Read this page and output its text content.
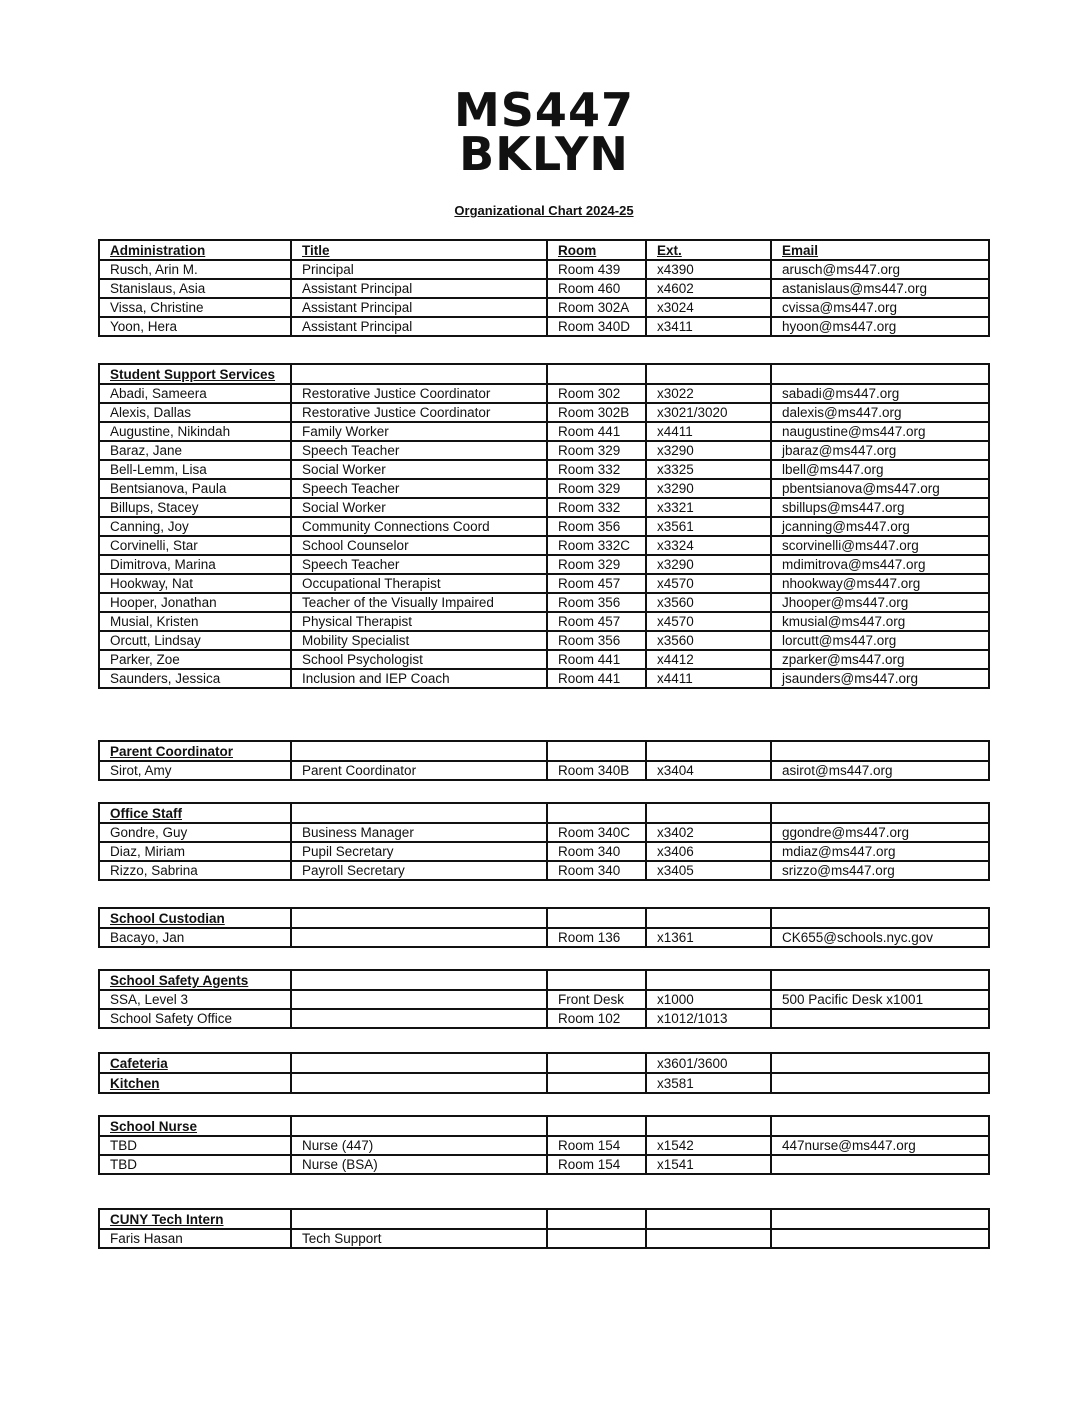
MS447
BKLYN
Organizational Chart 2024-25
Administration	Title	Room	Ext.	Email
Rusch, Arin M.	Principal	Room 439	x4390	arusch@ms447.org
Stanislaus, Asia	Assistant Principal	Room 460	x4602	astanislaus@ms447.org
Vissa, Christine	Assistant Principal	Room 302A	x3024	cvissa@ms447.org
Yoon, Hera	Assistant Principal	Room 340D	x3411	hyoon@ms447.org
Student Support Services				
Abadi, Sameera	Restorative Justice Coordinator	Room 302	x3022	sabadi@ms447.org
Alexis, Dallas	Restorative Justice Coordinator	Room 302B	x3021/3020	dalexis@ms447.org
Augustine, Nikindah	Family Worker	Room 441	x4411	naugustine@ms447.org
Baraz, Jane	Speech Teacher	Room 329	x3290	jbaraz@ms447.org
Bell-Lemm, Lisa	Social Worker	Room 332	x3325	lbell@ms447.org
Bentsianova, Paula	Speech Teacher	Room 329	x3290	pbentsianova@ms447.org
Billups, Stacey	Social Worker	Room 332	x3321	sbillups@ms447.org
Canning, Joy	Community Connections Coord	Room 356	x3561	jcanning@ms447.org
Corvinelli, Star	School Counselor	Room 332C	x3324	scorvinelli@ms447.org
Dimitrova, Marina	Speech Teacher	Room 329	x3290	mdimitrova@ms447.org
Hookway, Nat	Occupational Therapist	Room 457	x4570	nhookway@ms447.org
Hooper, Jonathan	Teacher of the Visually Impaired	Room 356	x3560	Jhooper@ms447.org
Musial, Kristen	Physical Therapist	Room 457	x4570	kmusial@ms447.org
Orcutt, Lindsay	Mobility Specialist	Room 356	x3560	lorcutt@ms447.org
Parker, Zoe	School Psychologist	Room 441	x4412	zparker@ms447.org
Saunders, Jessica	Inclusion and IEP Coach	Room 441	x4411	jsaunders@ms447.org
Parent Coordinator				
Sirot, Amy	Parent Coordinator	Room 340B	x3404	asirot@ms447.org
Office Staff				
Gondre, Guy	Business Manager	Room 340C	x3402	ggondre@ms447.org
Diaz, Miriam	Pupil Secretary	Room 340	x3406	mdiaz@ms447.org
Rizzo, Sabrina	Payroll Secretary	Room 340	x3405	srizzo@ms447.org
School Custodian				
Bacayo, Jan		Room 136	x1361	CK655@schools.nyc.gov
School Safety Agents				
SSA, Level 3		Front Desk	x1000	500 Pacific Desk x1001
School Safety Office		Room 102	x1012/1013	
Cafeteria			x3601/3600	
Kitchen			x3581	
School Nurse				
TBD	Nurse (447)	Room 154	x1542	447nurse@ms447.org
TBD	Nurse (BSA)	Room 154	x1541	
CUNY Tech Intern				
Faris Hasan	Tech Support			
